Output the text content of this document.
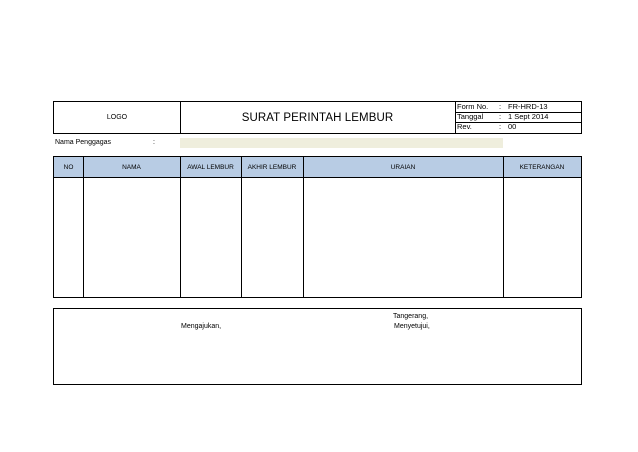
LOGO	SURAT PERINTAH LEMBUR
Form No. : FR-HRD-13
Tanggal : 1 Sept 2014
Rev.	: 00
Nama Penggagas	:
NO	NAMA	AWAL LEMBUR	AKHIR LEMBUR	URAIAN	KETERANGAN
Tangerang,
Mengajukan,	Menyetujui,
